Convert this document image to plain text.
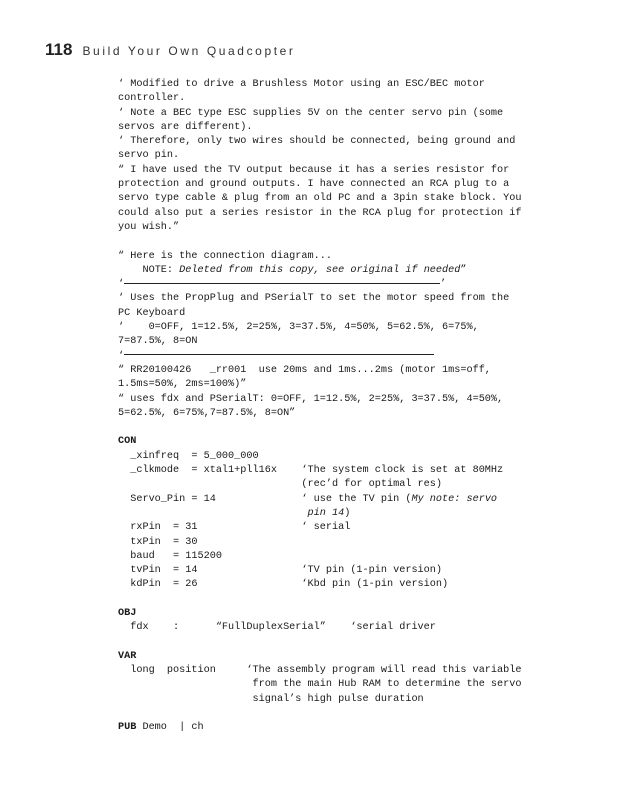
118 Build Your Own Quadcopter
‘ Modified to drive a Brushless Motor using an ESC/BEC motor
controller.
‘ Note a BEC type ESC supplies 5V on the center servo pin (some
servos are different).
‘ Therefore, only two wires should be connected, being ground and
servo pin.
“ I have used the TV output because it has a series resistor for
protection and ground outputs. I have connected an RCA plug to a
servo type cable & plug from an old PC and a 3pin stake block. You
could also put a series resistor in the RCA plug for protection if
you wish.”
“ Here is the connection diagram...
NOTE: Deleted from this copy, see original if needed”
‘	’
‘ Uses the PropPlug and PSerialT to set the motor speed from the
PC Keyboard
‘    0=OFF, 1=12.5%, 2=25%, 3=37.5%, 4=50%, 5=62.5%, 6=75%,
7=87.5%, 8=ON
‘
“ RR20100426   _rr001  use 20ms and 1ms...2ms (motor 1ms=off,
1.5ms=50%, 2ms=100%)”
“ uses fdx and PSerialT: 0=OFF, 1=12.5%, 2=25%, 3=37.5%, 4=50%,
5=62.5%, 6=75%,7=87.5%, 8=ON”
CON
_xinfreq  = 5_000_000
_clkmode  = xtal1+pll16x    ‘The system clock is set at 80MHz
(rec’d for optimal res)
Servo_Pin = 14              ‘ use the TV pin (My note: servo
pin 14)
rxPin  = 31                 ‘ serial
txPin  = 30
baud   = 115200
tvPin  = 14                 ‘TV pin (1-pin version)
kdPin  = 26                 ‘Kbd pin (1-pin version)
OBJ
fdx    :      “FullDuplexSerial”    ‘serial driver
VAR
long  position     ‘The assembly program will read this variable
from the main Hub RAM to determine the servo
signal’s high pulse duration
PUB Demo  | ch
